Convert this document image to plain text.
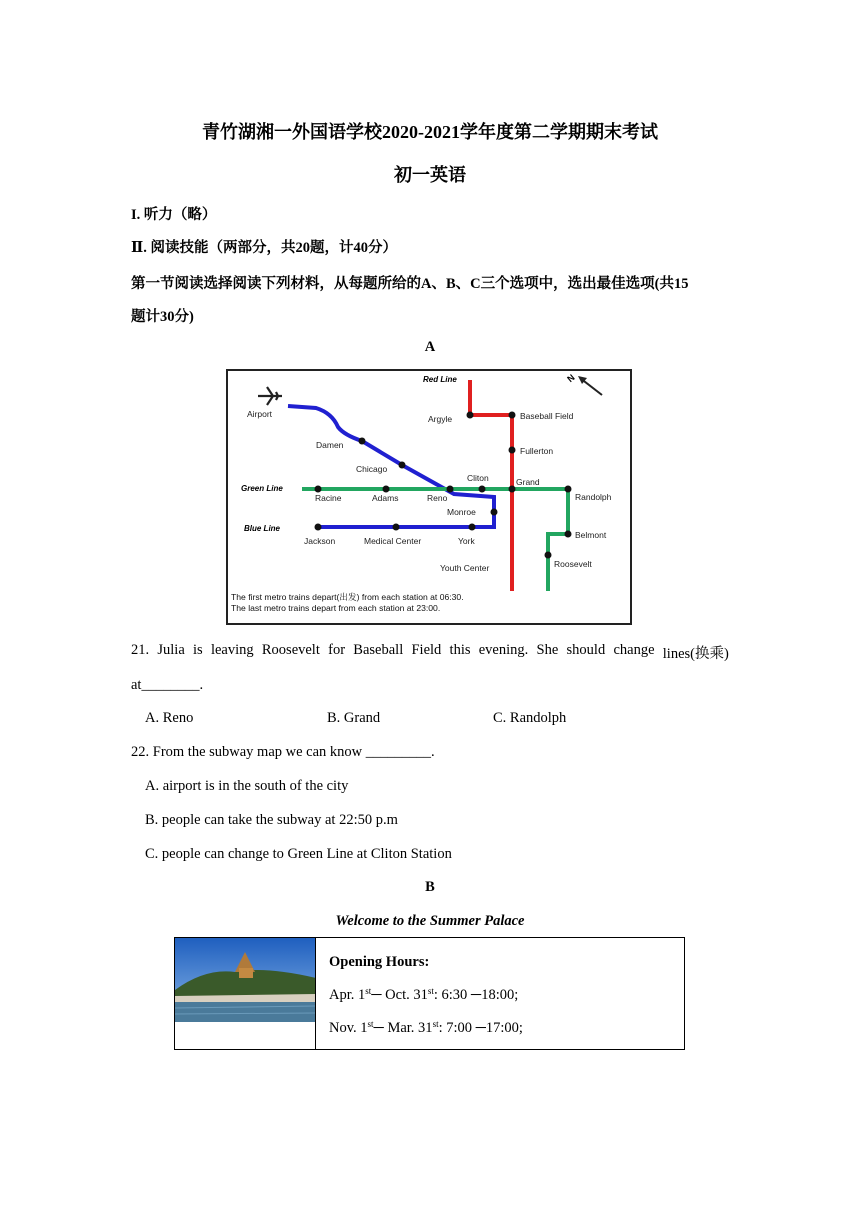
青竹湖湘一外国语学校2020-2021学年度第二学期期末考试
初一英语
I. 听力（略）
Ⅱ. 阅读技能（两部分，共20题，计40分）
第一节阅读选择阅读下列材料，从每题所给的A、B、C三个选项中，选出最佳选项(共15
题计30分)
A
N
Red Line
Green Line
Blue Line
Airport
Damen
Chicago
Racine	Adams	Reno
Cliton	Grand
Randolph
Monroe
Jackson	Medical Center	York
Youth Center
Argyle	Baseball Field
Fullerton
Belmont
Roosevelt
The first metro trains depart(出发) from each station at 06:30.
The last metro trains depart from each station at 23:00.
21. Julia is leaving Roosevelt for Baseball Field this evening. She should change lines(换乘)
at________.
A. Reno	B. Grand	C. Randolph
22. From the subway map we can know _________.
A. airport is in the south of the city
B. people can take the subway at 22:50 p.m
C. people can change to Green Line at Cliton Station
B
Welcome to the Summer Palace
Opening Hours:
Apr. 1st─ Oct. 31st: 6:30 ─18:00;
Nov. 1st─ Mar. 31st: 7:00 ─17:00;
